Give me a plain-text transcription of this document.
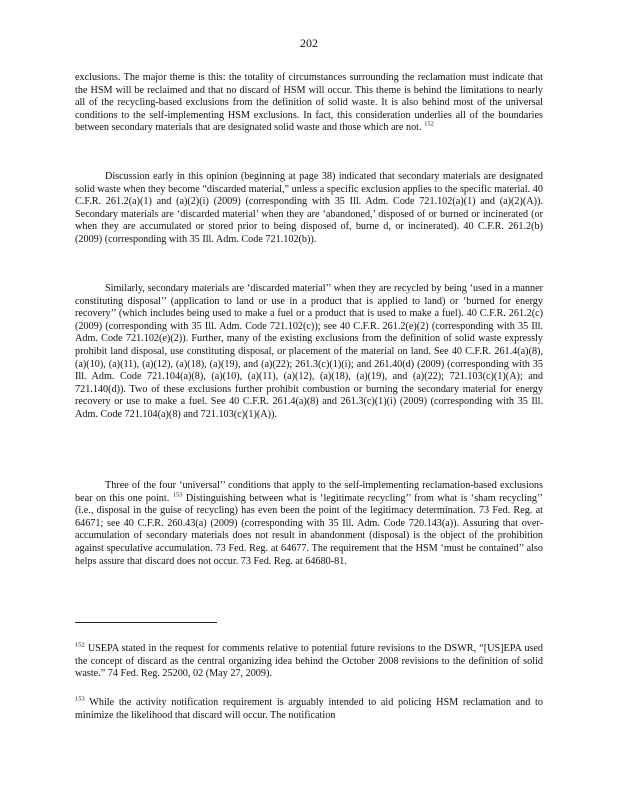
202

exclusions. The major theme is this: the totality of circumstances surrounding the reclamation must indicate that the HSM will be reclaimed and that no discard of HSM will occur. This theme is behind the limitations to nearly all of the recycling-based exclusions from the definition of solid waste. It is also behind most of the universal conditions to the self-implementing HSM exclusions. In fact, this consideration underlies all of the boundaries between secondary materials that are designated solid waste and those which are not. $^{152}$

Discussion early in this opinion (beginning at page 38) indicated that secondary materials are designated solid waste when they become “discarded material,” unless a specific exclusion applies to the specific material. 40 C.F.R. 261.2(a)(1) and (a)(2)(i) (2009) (corresponding with 35 Ill. Adm. Code 721.102(a)(1) and (a)(2)(A)). Secondary materials are ‘discarded material’ when they are ‘abandoned,’ disposed of or burned or incinerated (or when they are accumulated or stored prior to being disposed of, burne d, or incinerated). 40 C.F.R. 261.2(b) (2009) (corresponding with 35 Ill. Adm. Code 721.102(b)).

Similarly, secondary materials are ‘discarded material’’ when they are recycled by being ‘used in a manner constituting disposal’’ (application to land or use in a product that is applied to land) or ‘burned for energy recovery’’ (which includes being used to make a fuel or a product that is used to make a fuel). 40 C.F.R. 261.2(c) (2009) (corresponding with 35 Ill. Adm. Code 721.102(c)); see 40 C.F.R. 261.2(e)(2) (corresponding with 35 Ill. Adm. Code 721.102(e)(2)). Further, many of the existing exclusions from the definition of solid waste expressly prohibit land disposal, use constituting disposal, or placement of the material on land. See 40 C.F.R. 261.4(a)(8), (a)(10), (a)(11), (a)(12), (a)(18), (a)(19), and (a)(22); 261.3(c)(1)(i); and 261.40(d) (2009) (corresponding with 35 Ill. Adm. Code 721.104(a)(8), (a)(10), (a)(11), (a)(12), (a)(18), (a)(19), and (a)(22); 721.103(c)(1)(A); and 721.140(d)). Two of these exclusions further prohibit combustion or burning the secondary material for energy recovery or use to make a fuel. See 40 C.F.R. 261.4(a)(8) and 261.3(c)(1)(i) (2009) (corresponding with 35 Ill. Adm. Code 721.104(a)(8) and 721.103(c)(1)(A)).

Three of the four ‘universal’’ conditions that apply to the self-implementing reclamation-based exclusions bear on this one point. $^{153}$ Distinguishing between what is ‘legitimate recycling’’ from what is ‘sham recycling’’ (i.e., disposal in the guise of recycling) has even been the point of the legitimacy determination. 73 Fed. Reg. at 64671; see 40 C.F.R. 260.43(a) (2009) (corresponding with 35 Ill. Adm. Code 720.143(a)). Assuring that over-accumulation of secondary materials does not result in abandonment (disposal) is the object of the prohibition against speculative accumulation. 73 Fed. Reg. at 64677. The requirement that the HSM ‘must be contained’’ also helps assure that discard does not occur. 73 Fed. Reg. at 64680-81.

$^{152}$ USEPA stated in the request for comments relative to potential future revisions to the DSWR, “[US]EPA used the concept of discard as the central organizing idea behind the October 2008 revisions to the definition of solid waste.” 74 Fed. Reg. 25200, 02 (May 27, 2009).

$^{153}$ While the activity notification requirement is arguably intended to aid policing HSM reclamation and to minimize the likelihood that discard will occur. The notification
